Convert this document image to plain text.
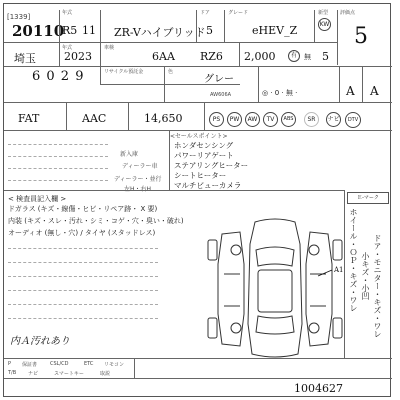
[1339]
20110
年式
R5 11 ZR-Vハイブリッド
ドア
5
グレード
eHEV_Z
新型
KW
評価点
5
年式
埼玉	2023
車検
6AA RZ6 2,000	有	無 5
6 0 2 9	リサイクル預託金	色
グレー
AW606A	◎ · 0 · 無 ·	A A
FAT	AAC	14,650	PS	PW	AW	TV	ABS	SR	ナビ	DTV
<セールスポイント>
ホンダセンシング
パワーリアゲート
ステアリングヒーター
シートヒーター
マルチビューカメラ
新入庫
ディーラー車
ディーラー・並行
左H・右H
< 検査員記入欄 >
ドガラス (キズ・線傷・ヒビ・リペア跡・ X 要)
内装 (キズ・スレ・汚れ・シミ・コゲ・穴・臭い・破れ)
オーディオ (無し・穴) / タイヤ (スタッドレス)
内Ａ汚れあり
A1
Ｅ-マーク
ホイール・ＯＰ・キズ・ワレ 小キズ・小凹 ドア・モニター・キズ・ワレ
P 保証書	CSL/CD	ETC リモコン
T/B ナビ	スマートキー	取説
1004627
